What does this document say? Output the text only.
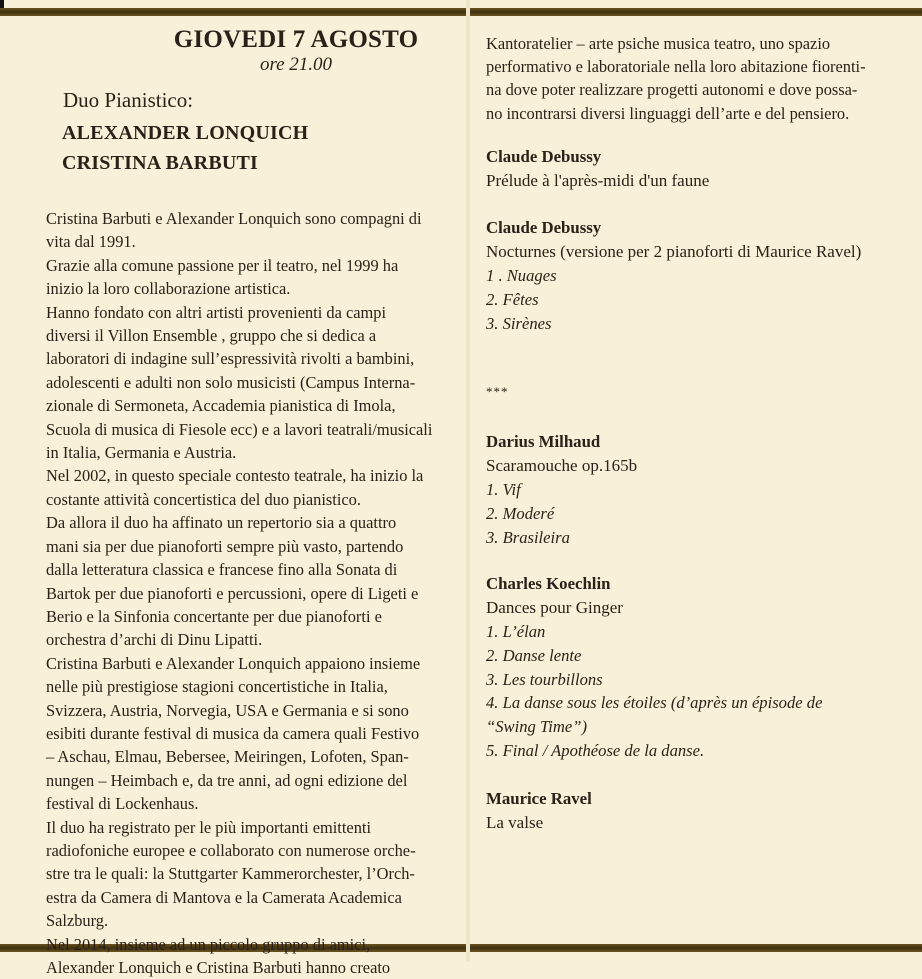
GIOVEDI 7 AGOSTO
ore 21.00
Duo Pianistico:
ALEXANDER LONQUICH
CRISTINA BARBUTI

Cristina Barbuti e Alexander Lonquich sono compagni di

vita dal 1991.

Grazie alla comune passione per il teatro, nel 1999 ha

inizio la loro collaborazione artistica.

Hanno fondato con altri artisti provenienti da campi

diversi il Villon Ensemble , gruppo che si dedica a

laboratori di indagine sull’espressività rivolti a bambini,

adolescenti e adulti non solo musicisti (Campus Interna-

zionale di Sermoneta, Accademia pianistica di Imola,

Scuola di musica di Fiesole ecc) e a lavori teatrali/musicali

in Italia, Germania e Austria.

Nel 2002, in questo speciale contesto teatrale, ha inizio la

costante attività concertistica del duo pianistico.

Da allora il duo ha affinato un repertorio sia a quattro

mani sia per due pianoforti sempre più vasto, partendo

dalla letteratura classica e francese fino alla Sonata di

Bartok per due pianoforti e percussioni, opere di Ligeti e

Berio e la Sinfonia concertante per due pianoforti e

orchestra d’archi di Dinu Lipatti.

Cristina Barbuti e Alexander Lonquich appaiono insieme

nelle più prestigiose stagioni concertistiche in Italia,

Svizzera, Austria, Norvegia, USA e Germania e si sono

esibiti durante festival di musica da camera quali Festivo

– Aschau, Elmau, Bebersee, Meiringen, Lofoten, Span-

nungen – Heimbach e, da tre anni, ad ogni edizione del

festival di Lockenhaus.

Il duo ha registrato per le più importanti emittenti

radiofoniche europee e collaborato con numerose orche-

stre tra le quali: la Stuttgarter Kammerorchester, l’Orch-

estra da Camera di Mantova e la Camerata Academica

Salzburg.

Nel 2014, insieme ad un piccolo gruppo di amici,

Alexander Lonquich e Cristina Barbuti hanno creato

Kantoratelier – arte psiche musica teatro, uno spazio

performativo e laboratoriale nella loro abitazione fiorenti-

na dove poter realizzare progetti autonomi e dove possa-

no incontrarsi diversi linguaggi dell’arte e del pensiero.

Claude Debussy
Prélude à l'après-midi d'un faune
Claude Debussy
Nocturnes (versione per 2 pianoforti di Maurice Ravel)
1 . Nuages
2. Fêtes
3. Sirènes
***
Darius Milhaud
Scaramouche op.165b
1. Vif
2. Moderé
3. Brasileira
Charles Koechlin
Dances pour Ginger
1. L’élan
2. Danse lente
3. Les tourbillons
4. La danse sous les étoiles (d’après un épisode de “Swing Time”)
5. Final / Apothéose de la danse.
Maurice Ravel
La valse
